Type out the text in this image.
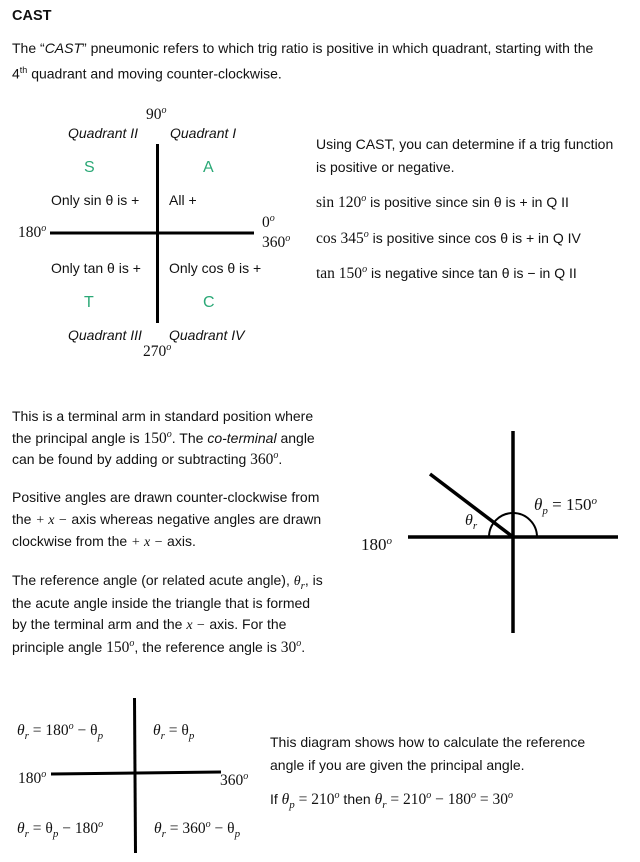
CAST
The “CAST” pneumonic refers to which trig ratio is positive in which quadrant, starting with the
4th quadrant and moving counter-clockwise.
90$^o$
Quadrant II Quadrant I
S	A
Only sin θ is + All +
$180^o$	0$^o$
360$^o$
Only tan θ is + Only cos θ is +
T	C
Quadrant III Quadrant IV
270$^o$
Using CAST, you can determine if a trig function
is positive or negative.
sin 120$^o$ is positive since sin θ is + in Q II
cos 345$^o$ is positive since cos θ is + in Q IV
tan 150$^o$ is negative since tan θ is − in Q II
This is a terminal arm in standard position where
the principal angle is 150$^o$. The co-terminal angle
can be found by adding or subtracting 360$^o$.
Positive angles are drawn counter-clockwise from
the + x − axis whereas negative angles are drawn
clockwise from the + x − axis.
The reference angle (or related acute angle), $\theta_r$, is
the acute angle inside the triangle that is formed
by the terminal arm and the x − axis. For the
principle angle 150$^o$, the reference angle is 30$^o$.
180$^o$
$\theta_r$
$\theta_p = 150^o$
$\theta_r = 180^o - \theta_p$	$\theta_r = \theta_p$
180$^o$	360$^o$
$\theta_r = \theta_p - 180^o$	$\theta_r = 360^o - \theta_p$
This diagram shows how to calculate the reference
angle if you are given the principal angle.
If $\theta_p = 210^o$ then $\theta_r = 210^o - 180^o = 30^o$
